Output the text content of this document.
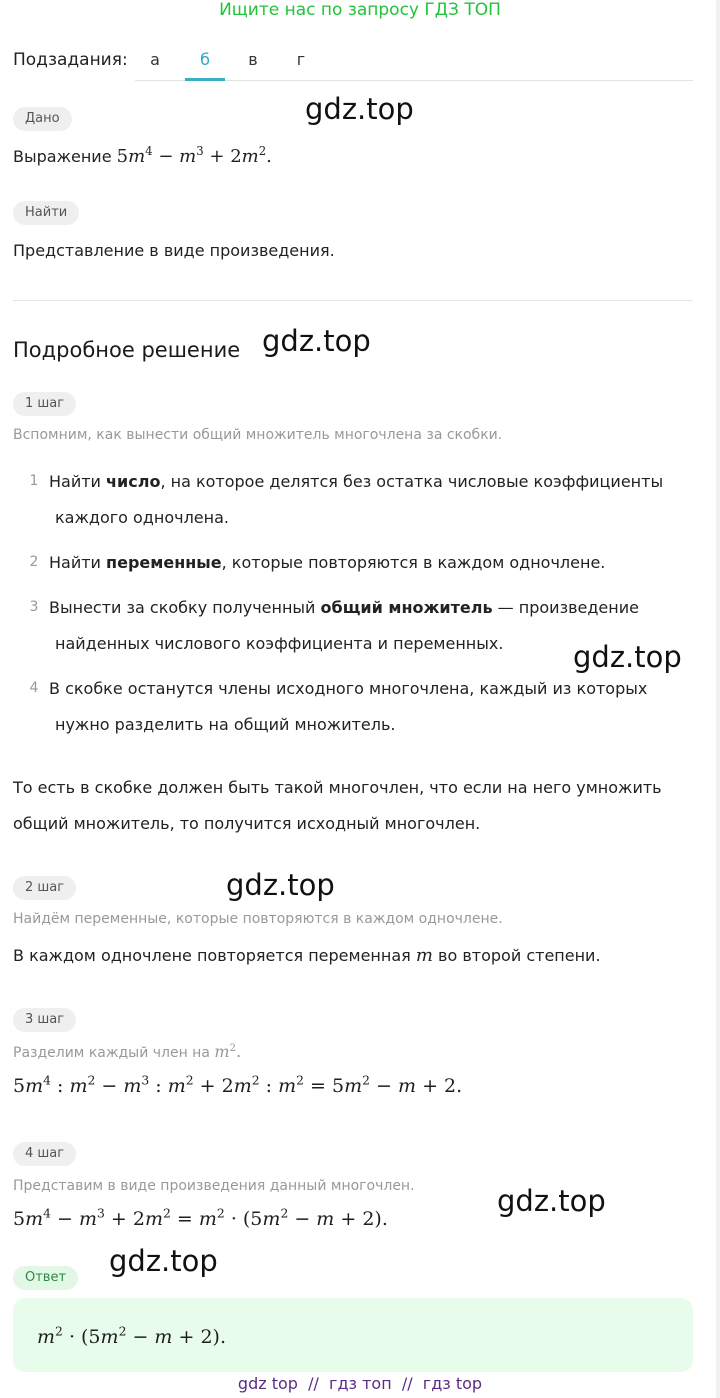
Ищите нас по запросу ГДЗ ТОП
Подзадания:	а	б	в	г
Дано	gdz.top
Выражение $5m^4 - m^3 + 2m^2$.
Найти
Представление в виде произведения.
Подробное решение gdz.top
1 шаг
Вспомним, как вынести общий множитель многочлена за скобки.
1 Найти число, на которое делятся без остатка числовые коэффициенты
каждого одночлена.
2 Найти переменные, которые повторяются в каждом одночлене.
3 Вынести за скобку полученный общий множитель — произведение
найденных числового коэффициента и переменных. gdz.top
4 В скобке останутся члены исходного многочлена, каждый из которых
нужно разделить на общий множитель.
То есть в скобке должен быть такой многочлен, что если на него умножить
общий множитель, то получится исходный многочлен.
2 шаг	gdz.top
Найдём переменные, которые повторяются в каждом одночлене.
В каждом одночлене повторяется переменная m во второй степени.
3 шаг
Разделим каждый член на $m^2$.
$5m^4$ : $m^2 - m^3$ : $m^2 + 2m^2$ : $m^2 = 5m^2 - m + 2$.
4 шаг
Представим в виде произведения данный многочлен.	gdz.top
$5m^4 - m^3 + 2m^2 = m^2 \cdot (5m^2 - m + 2)$.
Ответ	gdz.top
$m^2 \cdot (5m^2 - m + 2)$.
gdz top  //  гдз топ  //  гдз top
